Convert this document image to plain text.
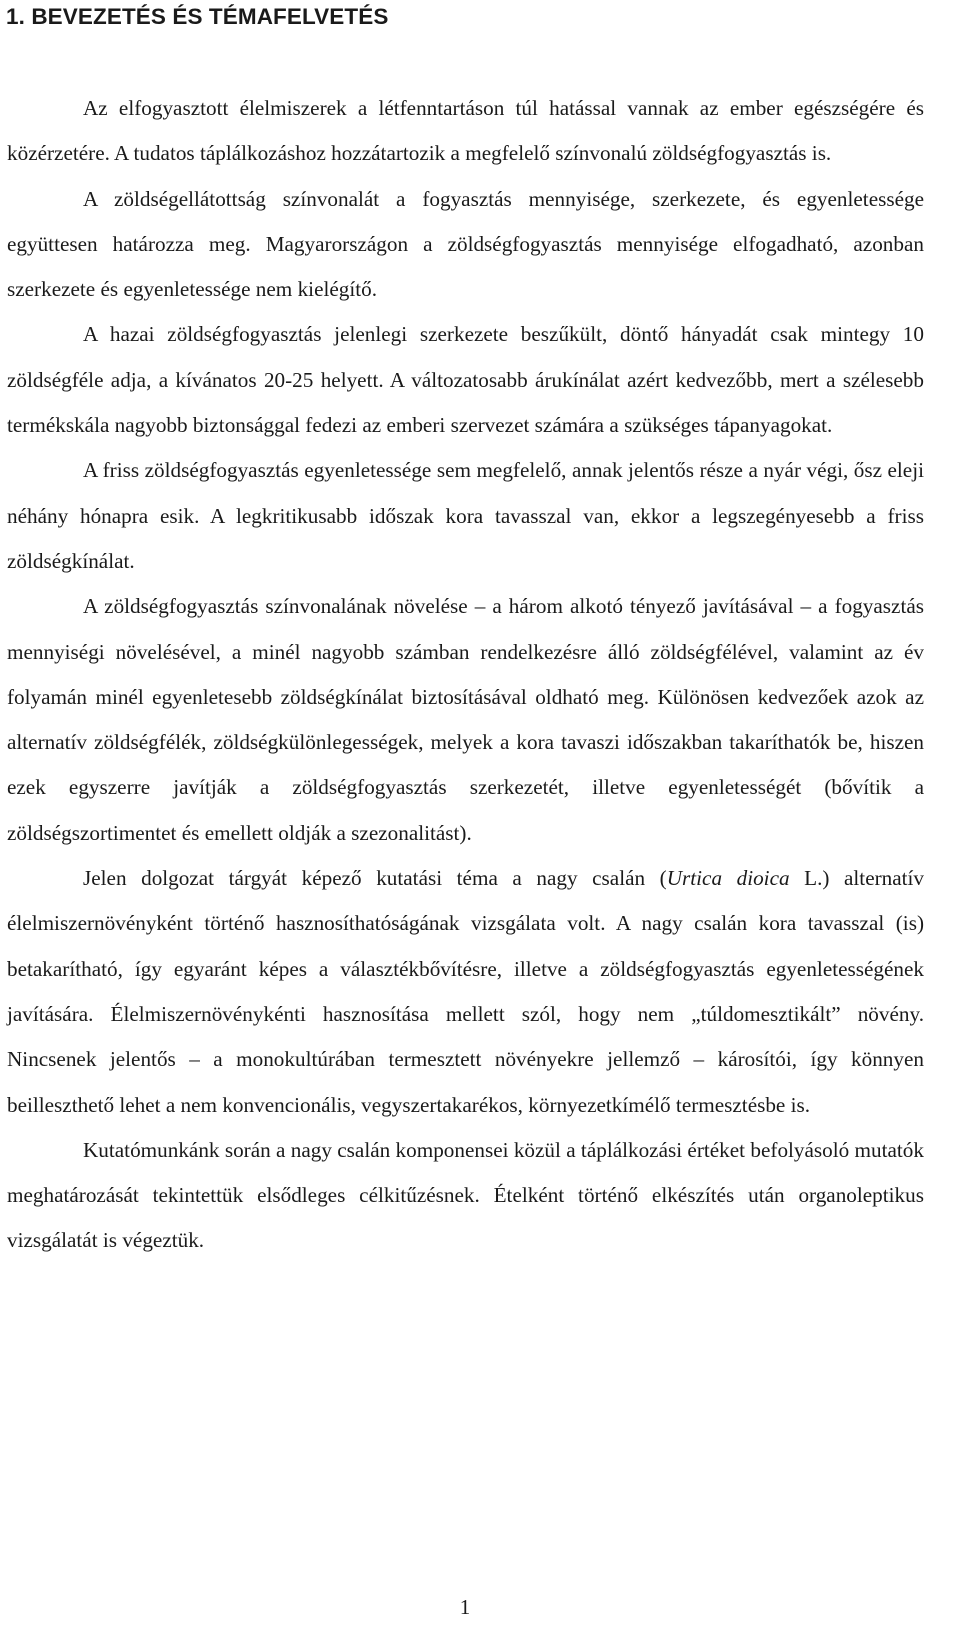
1. BEVEZETÉS ÉS TÉMAFELVETÉS

Az elfogyasztott élelmiszerek a létfenntartáson túl hatással vannak az ember egészségére és közérzetére. A tudatos táplálkozáshoz hozzátartozik a megfelelő színvonalú zöldségfogyasztás is.

A zöldségellátottság színvonalát a fogyasztás mennyisége, szerkezete, és egyenletessége együttesen határozza meg. Magyarországon a zöldségfogyasztás mennyisége elfogadható, azonban szerkezete és egyenletessége nem kielégítő.

A hazai zöldségfogyasztás jelenlegi szerkezete beszűkült, döntő hányadát csak mintegy 10 zöldségféle adja, a kívánatos 20-25 helyett. A változatosabb árukínálat azért kedvezőbb, mert a szélesebb termékskála nagyobb biztonsággal fedezi az emberi szervezet számára a szükséges tápanyagokat.

A friss zöldségfogyasztás egyenletessége sem megfelelő, annak jelentős része a nyár végi, ősz eleji néhány hónapra esik. A legkritikusabb időszak kora tavasszal van, ekkor a legszegényesebb a friss zöldségkínálat.

A zöldségfogyasztás színvonalának növelése – a három alkotó tényező javításával – a fogyasztás mennyiségi növelésével, a minél nagyobb számban rendelkezésre álló zöldségfélével, valamint az év folyamán minél egyenletesebb zöldségkínálat biztosításával oldható meg. Különösen kedvezőek azok az alternatív zöldségfélék, zöldségkülönlegességek, melyek a kora tavaszi időszakban takaríthatók be, hiszen ezek egyszerre javítják a zöldségfogyasztás szerkezetét, illetve egyenletességét (bővítik a zöldségszortimentet és emellett oldják a szezonalitást).

Jelen dolgozat tárgyát képező kutatási téma a nagy csalán (Urtica dioica L.) alternatív élelmiszernövényként történő hasznosíthatóságának vizsgálata volt. A nagy csalán kora tavasszal (is) betakarítható, így egyaránt képes a választékbővítésre, illetve a zöldségfogyasztás egyenletességének javítására. Élelmiszernövénykénti hasznosítása mellett szól, hogy nem „túldomesztikált” növény. Nincsenek jelentős – a monokultúrában termesztett növényekre jellemző – károsítói, így könnyen beilleszthető lehet a nem konvencionális, vegyszertakarékos, környezetkímélő termesztésbe is.

Kutatómunkánk során a nagy csalán komponensei közül a táplálkozási értéket befolyásoló mutatók meghatározását tekintettük elsődleges célkitűzésnek. Ételként történő elkészítés után organoleptikus vizsgálatát is végeztük.

1
